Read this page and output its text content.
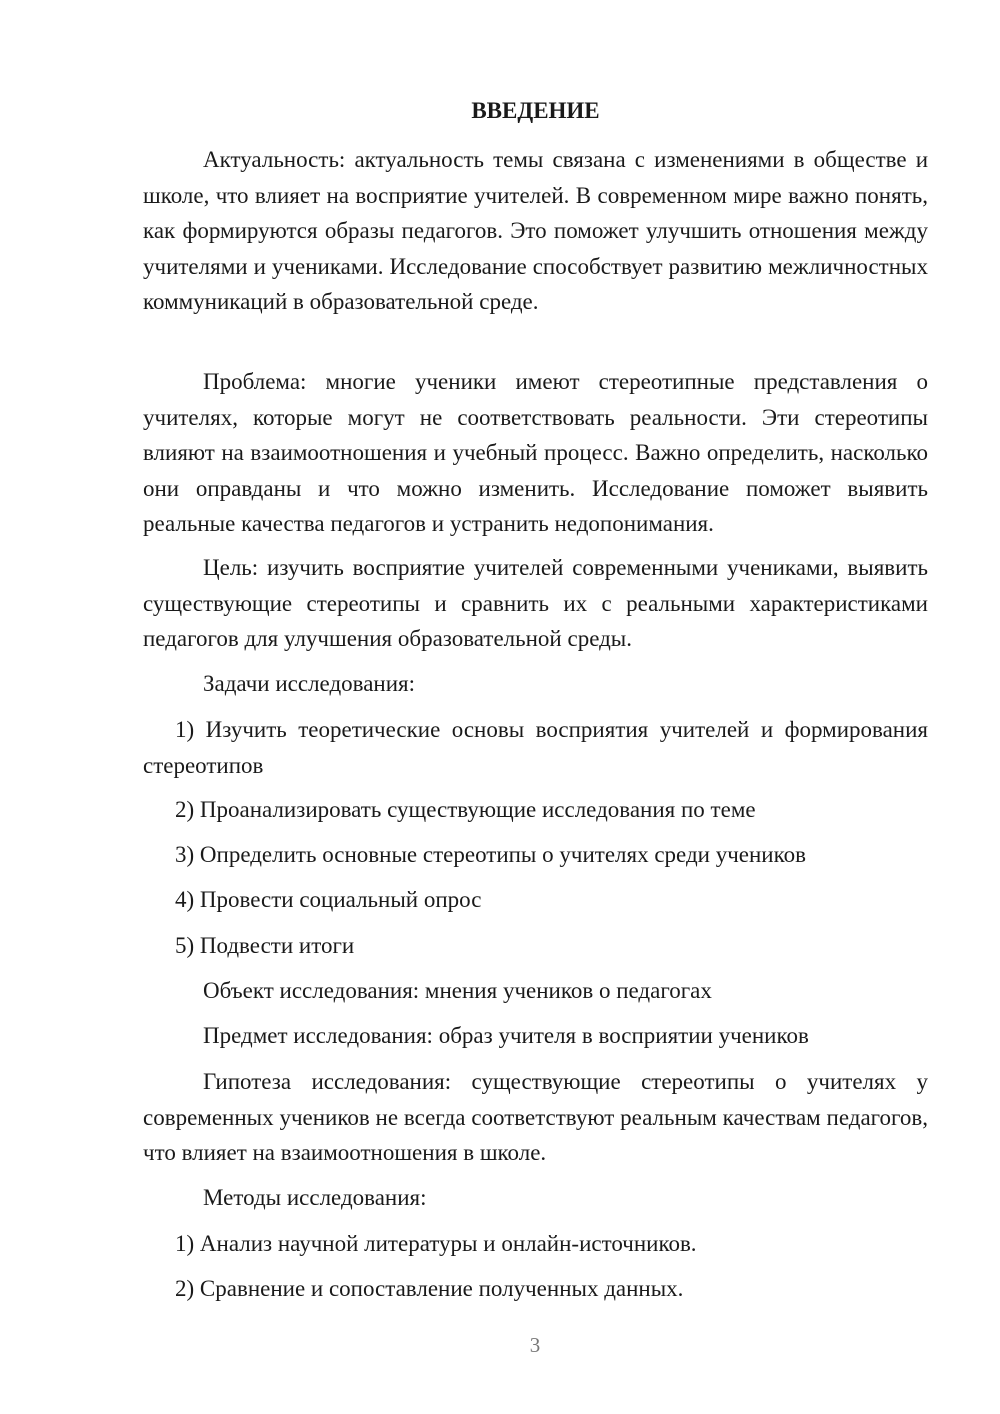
ВВЕДЕНИЕ

Актуальность: актуальность темы связана с изменениями в обществе и школе, что влияет на восприятие учителей. В современном мире важно понять, как формируются образы педагогов. Это поможет улучшить отношения между учителями и учениками. Исследование способствует развитию межличностных коммуникаций в образовательной среде.

Проблема: многие ученики имеют стереотипные представления о учителях, которые могут не соответствовать реальности. Эти стереотипы влияют на взаимоотношения и учебный процесс. Важно определить, насколько они оправданы и что можно изменить. Исследование поможет выявить реальные качества педагогов и устранить недопонимания.

Цель: изучить восприятие учителей современными учениками, выявить существующие стереотипы и сравнить их с реальными характеристиками педагогов для улучшения образовательной среды.

Задачи исследования:

1) Изучить теоретические основы восприятия учителей и формирования стереотипов

2) Проанализировать существующие исследования по теме

3) Определить основные стереотипы о учителях среди учеников

4) Провести социальный опрос

5) Подвести итоги

Объект исследования: мнения учеников о педагогах

Предмет исследования: образ учителя в восприятии учеников

Гипотеза исследования: существующие стереотипы о учителях у современных учеников не всегда соответствуют реальным качествам педагогов, что влияет на взаимоотношения в школе.

Методы исследования:

1) Анализ научной литературы и онлайн-источников.

2) Сравнение и сопоставление полученных данных.

3
